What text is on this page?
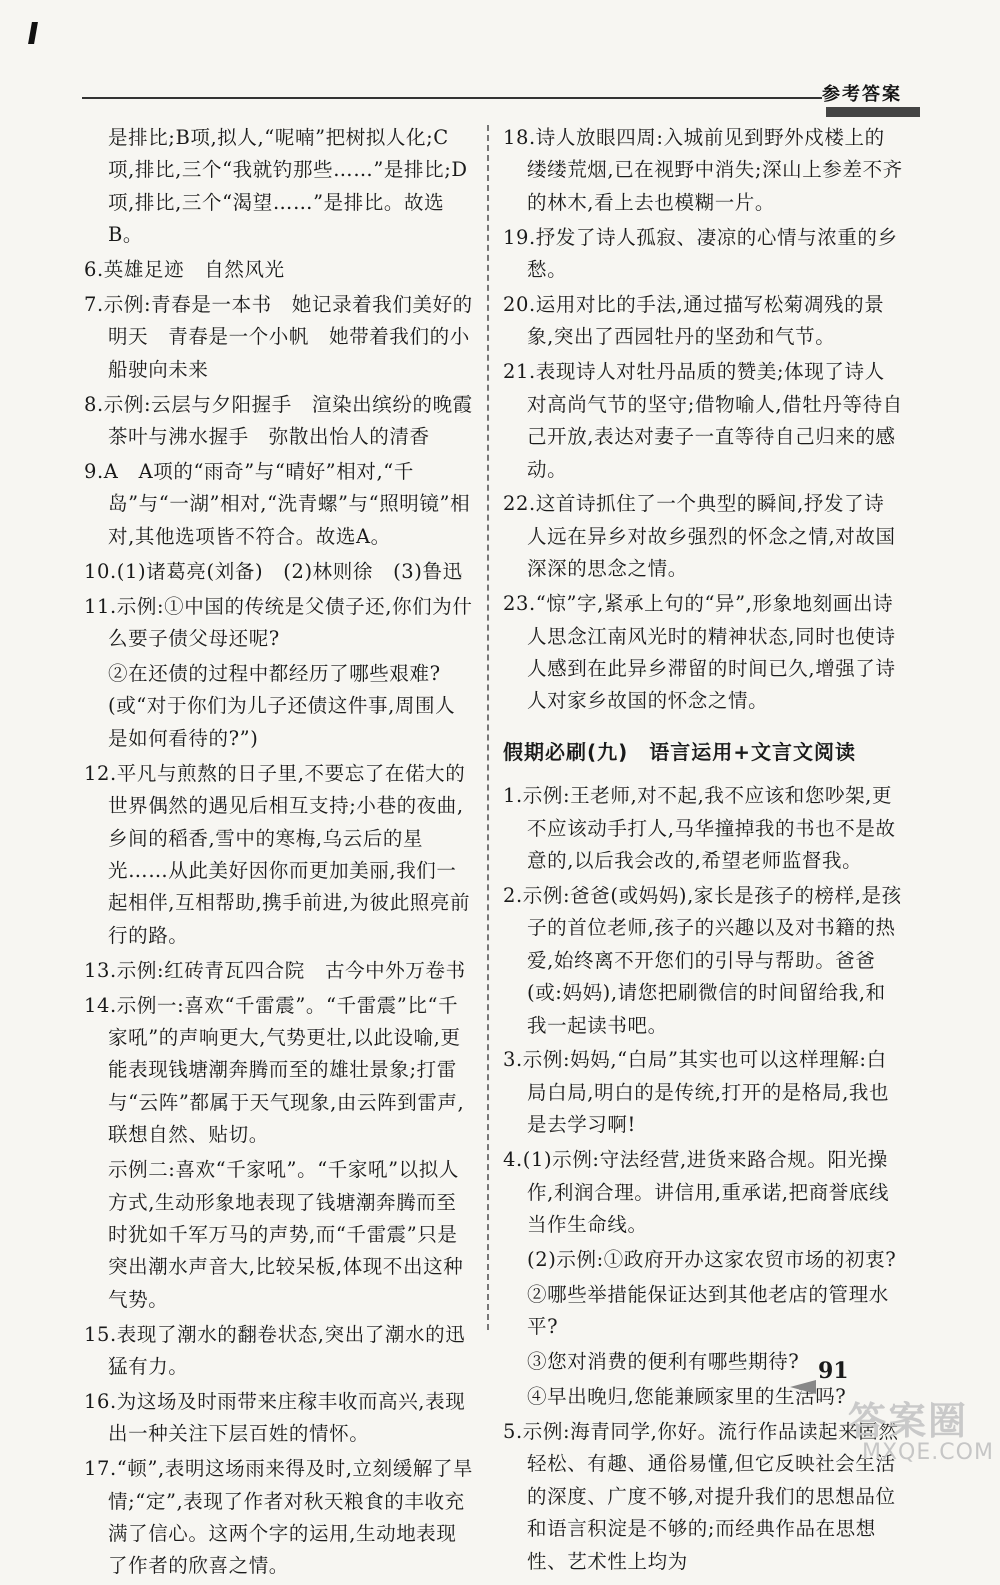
参考答案

是排比;B项,拟人,“呢喃”把树拟人化;C项,排比,三个“我就钓那些……”是排比;D项,排比,三个“渴望……”是排比。故选B。

6.英雄足迹　自然风光

7.示例:青春是一本书　她记录着我们美好的明天　青春是一个小帆　她带着我们的小船驶向未来

8.示例:云层与夕阳握手　渲染出缤纷的晚霞　茶叶与沸水握手　弥散出怡人的清香

9.A　A项的“雨奇”与“晴好”相对,“千岛”与“一湖”相对,“洗青螺”与“照明镜”相对,其他选项皆不符合。故选A。

10.(1)诸葛亮(刘备)　(2)林则徐　(3)鲁迅

11.示例:①中国的传统是父债子还,你们为什么要子债父母还呢?

②在还债的过程中都经历了哪些艰难?(或“对于你们为儿子还债这件事,周围人是如何看待的?”)

12.平凡与煎熬的日子里,不要忘了在偌大的世界偶然的遇见后相互支持;小巷的夜曲,乡间的稻香,雪中的寒梅,乌云后的星光……从此美好因你而更加美丽,我们一起相伴,互相帮助,携手前进,为彼此照亮前行的路。

13.示例:红砖青瓦四合院　古今中外万卷书

14.示例一:喜欢“千雷震”。“千雷震”比“千家吼”的声响更大,气势更壮,以此设喻,更能表现钱塘潮奔腾而至的雄壮景象;打雷与“云阵”都属于天气现象,由云阵到雷声,联想自然、贴切。

示例二:喜欢“千家吼”。“千家吼”以拟人方式,生动形象地表现了钱塘潮奔腾而至时犹如千军万马的声势,而“千雷震”只是突出潮水声音大,比较呆板,体现不出这种气势。

15.表现了潮水的翻卷状态,突出了潮水的迅猛有力。

16.为这场及时雨带来庄稼丰收而高兴,表现出一种关注下层百姓的情怀。

17.“顿”,表明这场雨来得及时,立刻缓解了旱情;“定”,表现了作者对秋天粮食的丰收充满了信心。这两个字的运用,生动地表现了作者的欣喜之情。

18.诗人放眼四周:入城前见到野外戍楼上的缕缕荒烟,已在视野中消失;深山上参差不齐的林木,看上去也模糊一片。

19.抒发了诗人孤寂、凄凉的心情与浓重的乡愁。

20.运用对比的手法,通过描写松菊凋残的景象,突出了西园牡丹的坚劲和气节。

21.表现诗人对牡丹品质的赞美;体现了诗人对高尚气节的坚守;借物喻人,借牡丹等待自己开放,表达对妻子一直等待自己归来的感动。

22.这首诗抓住了一个典型的瞬间,抒发了诗人远在异乡对故乡强烈的怀念之情,对故国深深的思念之情。

23.“惊”字,紧承上句的“异”,形象地刻画出诗人思念江南风光时的精神状态,同时也使诗人感到在此异乡滞留的时间已久,增强了诗人对家乡故国的怀念之情。

假期必刷(九)　语言运用+文言文阅读

1.示例:王老师,对不起,我不应该和您吵架,更不应该动手打人,马华撞掉我的书也不是故意的,以后我会改的,希望老师监督我。

2.示例:爸爸(或妈妈),家长是孩子的榜样,是孩子的首位老师,孩子的兴趣以及对书籍的热爱,始终离不开您们的引导与帮助。爸爸(或:妈妈),请您把刷微信的时间留给我,和我一起读书吧。

3.示例:妈妈,“白局”其实也可以这样理解:白局白局,明白的是传统,打开的是格局,我也是去学习啊!

4.(1)示例:守法经营,进货来路合规。阳光操作,利润合理。讲信用,重承诺,把商誉底线当作生命线。

(2)示例:①政府开办这家农贸市场的初衷?

②哪些举措能保证达到其他老店的管理水平?

③您对消费的便利有哪些期待?

④早出晚归,您能兼顾家里的生活吗?

5.示例:海青同学,你好。流行作品读起来固然轻松、有趣、通俗易懂,但它反映社会生活的深度、广度不够,对提升我们的思想品位和语言积淀是不够的;而经典作品在思想性、艺术性上均为

91
答案圈
MXQE.COM
